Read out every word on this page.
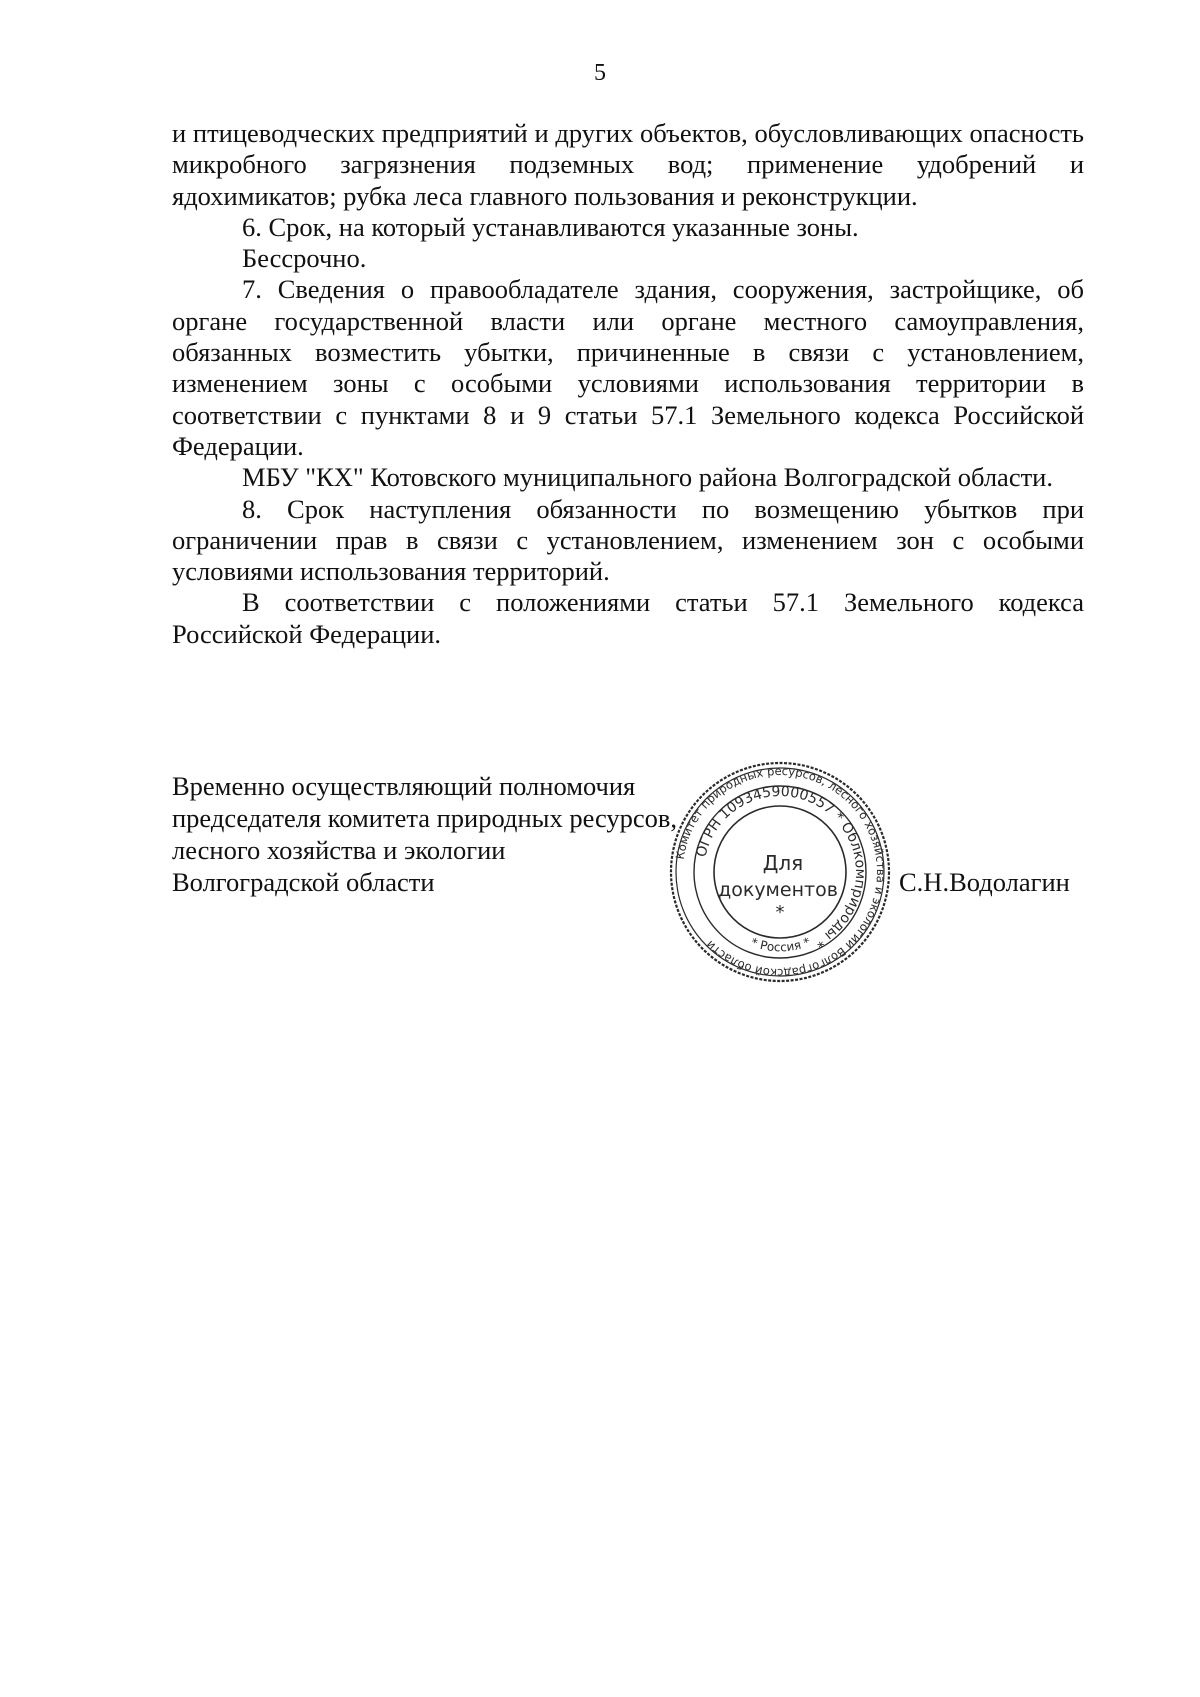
5

и птицеводческих предприятий и других объектов, обусловливающих опасность микробного загрязнения подземных вод; применение удобрений и ядохимикатов; рубка леса главного пользования и реконструкции.

6. Срок, на который устанавливаются указанные зоны.

Бессрочно.

7. Сведения о правообладателе здания, сооружения, застройщике, об органе государственной власти или органе местного самоуправления, обязанных возместить убытки, причиненные в связи с установлением, изменением зоны с особыми условиями использования территории в соответствии с пунктами 8 и 9 статьи 57.1 Земельного кодекса Российской Федерации.

МБУ "КХ" Котовского муниципального района Волгоградской области.

8. Срок наступления обязанности по возмещению убытков при ограничении прав в связи с установлением, изменением зон с особыми условиями использования территорий.

В соответствии с положениями статьи 57.1 Земельного кодекса Российской Федерации.

Временно осуществляющий полномочия
председателя комитета природных ресурсов,
лесного хозяйства и экологии
Волгоградской области	С.Н.Водолагин
Комитет природных ресурсов, лесного хозяйства и экологии Волгоградской области
ОГРН 1093459000557 * Облкомприроды *
* Россия *
Для
документов
*
